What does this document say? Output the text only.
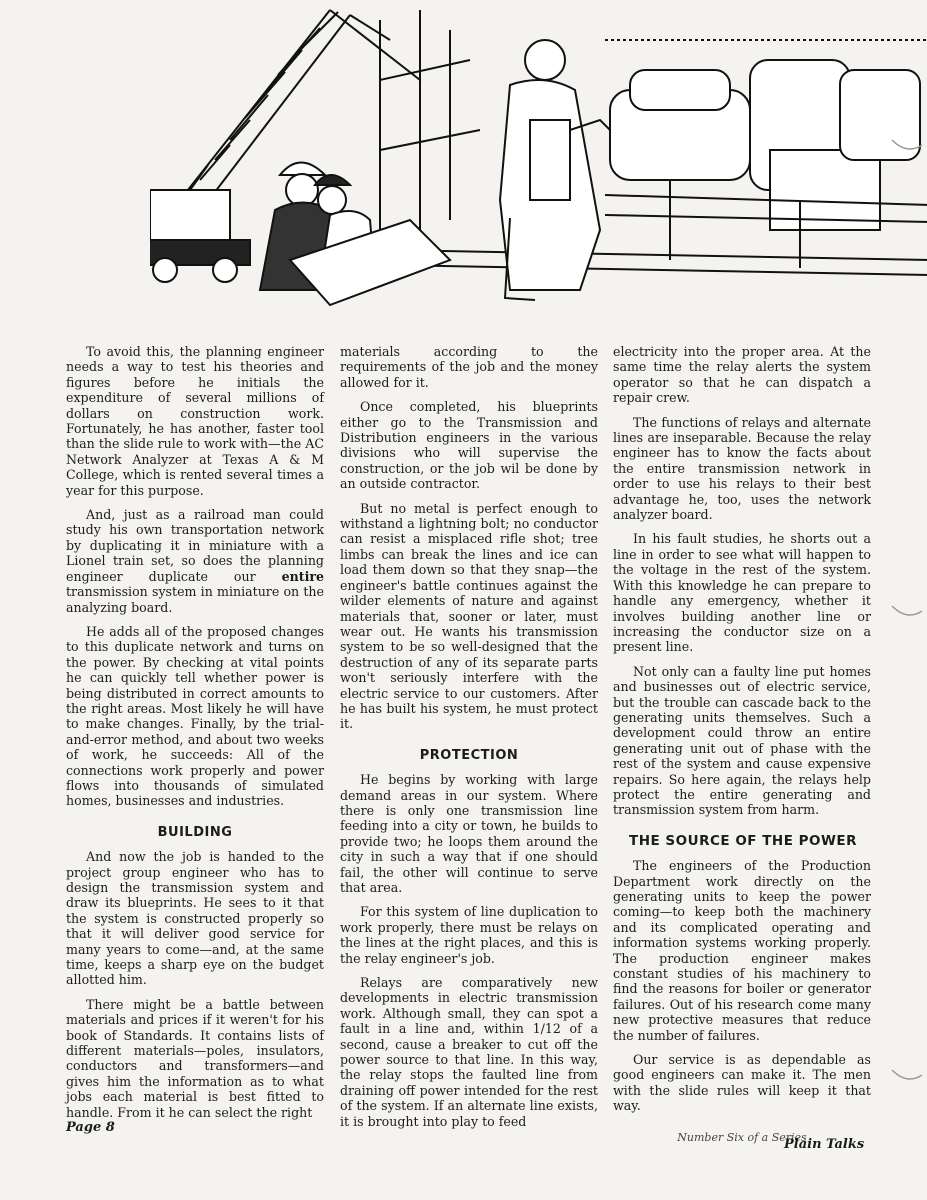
To avoid this, the planning engineer needs a way to test his theories and figures before he initials the expenditure of several millions of dollars on construction work. Fortunately, he has another, faster tool than the slide rule to work with—the AC Network Analyzer at Texas A & M College, which is rented several times a year for this purpose.

And, just as a railroad man could study his own transportation network by duplicating it in miniature with a Lionel train set, so does the planning engineer duplicate our entire transmission system in miniature on the analyzing board.

He adds all of the proposed changes to this duplicate network and turns on the power. By checking at vital points he can quickly tell whether power is being distributed in correct amounts to the right areas. Most likely he will have to make changes. Finally, by the trial-and-error method, and about two weeks of work, he succeeds: All of the connections work properly and power flows into thousands of simulated homes, businesses and industries.

BUILDING

And now the job is handed to the project group engineer who has to design the transmission system and draw its blueprints. He sees to it that the system is constructed properly so that it will deliver good service for many years to come—and, at the same time, keeps a sharp eye on the budget allotted him.

There might be a battle between materials and prices if it weren't for his book of Standards. It contains lists of different materials—poles, insulators, conductors and transformers—and gives him the information as to what jobs each material is best fitted to handle. From it he can select the right

materials according to the requirements of the job and the money allowed for it.

Once completed, his blueprints either go to the Transmission and Distribution engineers in the various divisions who will supervise the construction, or the job wil be done by an outside contractor.

But no metal is perfect enough to withstand a lightning bolt; no conductor can resist a misplaced rifle shot; tree limbs can break the lines and ice can load them down so that they snap—the engineer's battle continues against the wilder elements of nature and against materials that, sooner or later, must wear out. He wants his transmission system to be so well-designed that the destruction of any of its separate parts won't seriously interfere with the electric service to our customers. After he has built his system, he must protect it.

PROTECTION

He begins by working with large demand areas in our system. Where there is only one transmission line feeding into a city or town, he builds to provide two; he loops them around the city in such a way that if one should fail, the other will continue to serve that area.

For this system of line duplication to work properly, there must be relays on the lines at the right places, and this is the relay engineer's job.

Relays are comparatively new developments in electric transmission work. Although small, they can spot a fault in a line and, within 1/12 of a second, cause a breaker to cut off the power source to that line. In this way, the relay stops the faulted line from draining off power intended for the rest of the system. If an alternate line exists, it is brought into play to feed

electricity into the proper area. At the same time the relay alerts the system operator so that he can dispatch a repair crew.

The functions of relays and alternate lines are inseparable. Because the relay engineer has to know the facts about the entire transmission network in order to use his relays to their best advantage he, too, uses the network analyzer board.

In his fault studies, he shorts out a line in order to see what will happen to the voltage in the rest of the system. With this knowledge he can prepare to handle any emergency, whether it involves building another line or increasing the conductor size on a present line.

Not only can a faulty line put homes and businesses out of electric service, but the trouble can cascade back to the generating units themselves. Such a development could throw an entire generating unit out of phase with the rest of the system and cause expensive repairs. So here again, the relays help protect the entire generating and transmission system from harm.

THE SOURCE OF THE POWER

The engineers of the Production Department work directly on the generating units to keep the power coming—to keep both the machinery and its complicated operating and information systems working properly. The production engineer makes constant studies of his machinery to find the reasons for boiler or generator failures. Out of his research come many new protective measures that reduce the number of failures.

Our service is as dependable as good engineers can make it. The men with the slide rules will keep it that way.

Number Six of a Series
Page 8
Plain Talks
